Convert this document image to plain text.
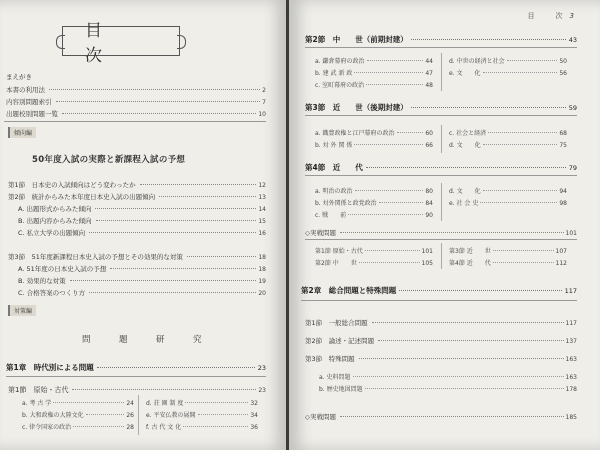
目　次
まえがき
本書の利用法	2
内容別問題索引	7
出題校別問題一覧	10
傾向編
50年度入試の実際と新課程入試の予想
第1節　日本史の入試傾向はどう変わったか	12
第2節　統計からみた本年度日本史入試の出題傾向	13
A. 出題形式からみた傾向	14
B. 出題内容からみた傾向	15
C. 私立大学の出題傾向	16
第3節　51年度新課程日本史入試の予想とその効果的な対策	18
A. 51年度の日本史入試の予想	18
B. 効果的な対策	19
C. 合格答案のつくり方	20
対策編
問　題　研　究
第1章　時代別による問題	23
第1節　原始・古代	23
a. 考 古 学	24
b. 大和政権の大陸文化	26
c. 律令国家の政治	28
d. 荘 園 制 度	32
e. 平安仏教の展開	34
f. 古 代 文 化	36
目　次3
第2節　中　　世（前期封建）	43
a. 鎌倉幕府の政治	44
b. 建 武 新 政	47
c. 室町幕府の政治	48
d. 中世の経済と社会	50
e. 文　　化	56
第3節　近　　世（後期封建）	59
a. 織豊政権と江戸幕府の政治	60
b. 対 外 関 係	66
c. 社会と経済	68
d. 文　　化	75
第4節　近　　代	79
a. 明治の政治	80
b. 対外関係と政党政治	84
c. 戦　　前	90
d. 文　　化	94
e. 社 会 史	98
◇実戦問題	101
第1節 原始・古代	101
第2節 中　　世	105
第3節 近　　世	107
第4節 近　　代	112
第2章　総合問題と特殊問題	117
第1節　一般総合問題	117
第2節　論述・記述問題	137
第3節　特殊問題	163
a. 史料問題	163
b. 歴史地図問題	178
◇実戦問題	185
